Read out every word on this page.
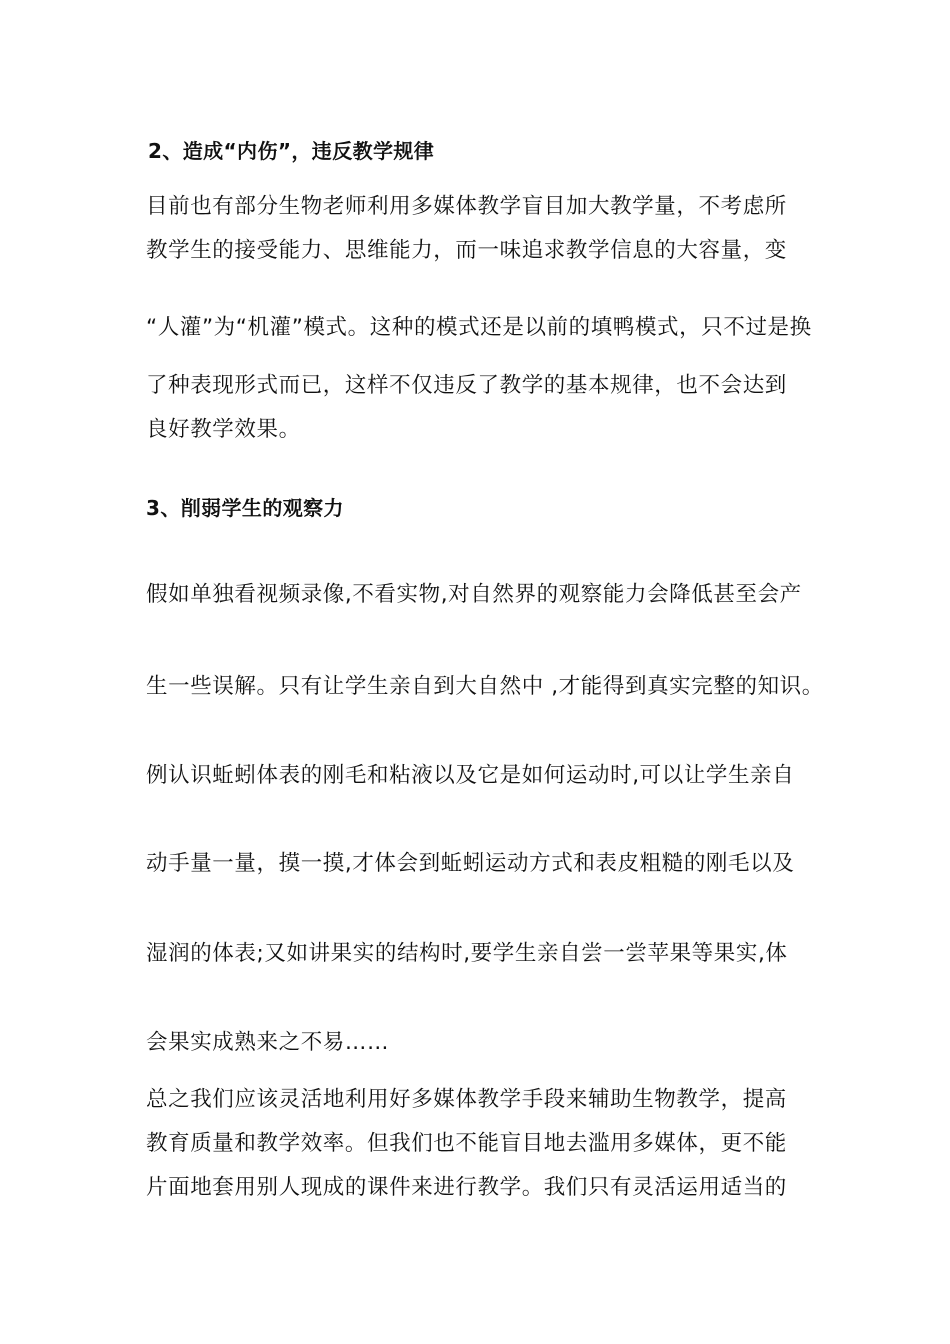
2、造成“内伤”，违反教学规律
目前也有部分生物老师利用多媒体教学盲目加大教学量，不考虑所
教学生的接受能力、思维能力，而一味追求教学信息的大容量，变
“人灌”为“机灌”模式。这种的模式还是以前的填鸭模式，只不过是换
了种表现形式而已，这样不仅违反了教学的基本规律，也不会达到
良好教学效果。
3、削弱学生的观察力
假如单独看视频录像,不看实物,对自然界的观察能力会降低甚至会产
生一些误解。只有让学生亲自到大自然中 ,才能得到真实完整的知识。
例认识蚯蚓体表的刚毛和粘液以及它是如何运动时,可以让学生亲自
动手量一量，摸一摸,才体会到蚯蚓运动方式和表皮粗糙的刚毛以及
湿润的体表;又如讲果实的结构时,要学生亲自尝一尝苹果等果实,体
会果实成熟来之不易……
总之我们应该灵活地利用好多媒体教学手段来辅助生物教学，提高
教育质量和教学效率。但我们也不能盲目地去滥用多媒体，更不能
片面地套用别人现成的课件来进行教学。我们只有灵活运用适当的
